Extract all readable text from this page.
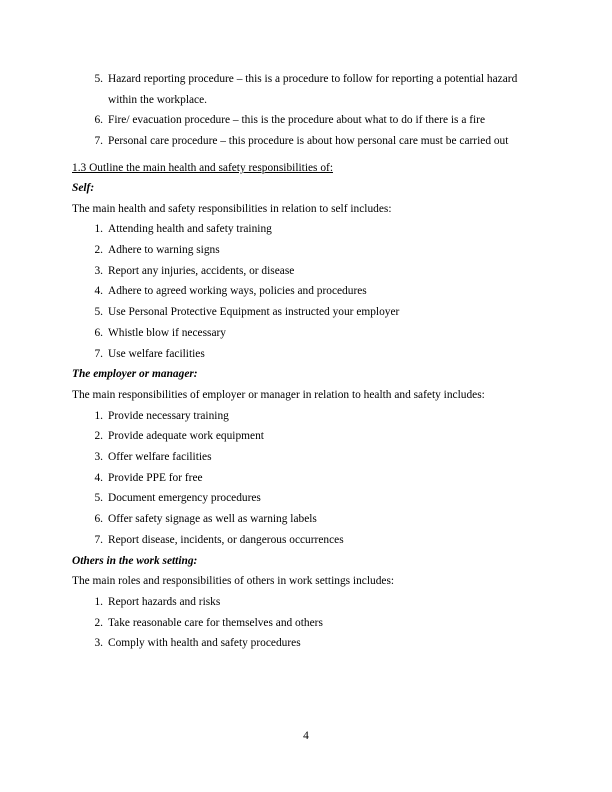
5. Hazard reporting procedure – this is a procedure to follow for reporting a potential hazard
within the workplace.
6. Fire/ evacuation procedure – this is the procedure about what to do if there is a fire
7. Personal care procedure – this procedure is about how personal care must be carried out
1.3 Outline the main health and safety responsibilities of:
Self:
The main health and safety responsibilities in relation to self includes:
1. Attending health and safety training
2. Adhere to warning signs
3. Report any injuries, accidents, or disease
4. Adhere to agreed working ways, policies and procedures
5. Use Personal Protective Equipment as instructed your employer
6. Whistle blow if necessary
7. Use welfare facilities
The employer or manager:
The main responsibilities of employer or manager in relation to health and safety includes:
1. Provide necessary training
2. Provide adequate work equipment
3. Offer welfare facilities
4. Provide PPE for free
5. Document emergency procedures
6. Offer safety signage as well as warning labels
7. Report disease, incidents, or dangerous occurrences
Others in the work setting:
The main roles and responsibilities of others in work settings includes:
1. Report hazards and risks
2. Take reasonable care for themselves and others
3. Comply with health and safety procedures
4
